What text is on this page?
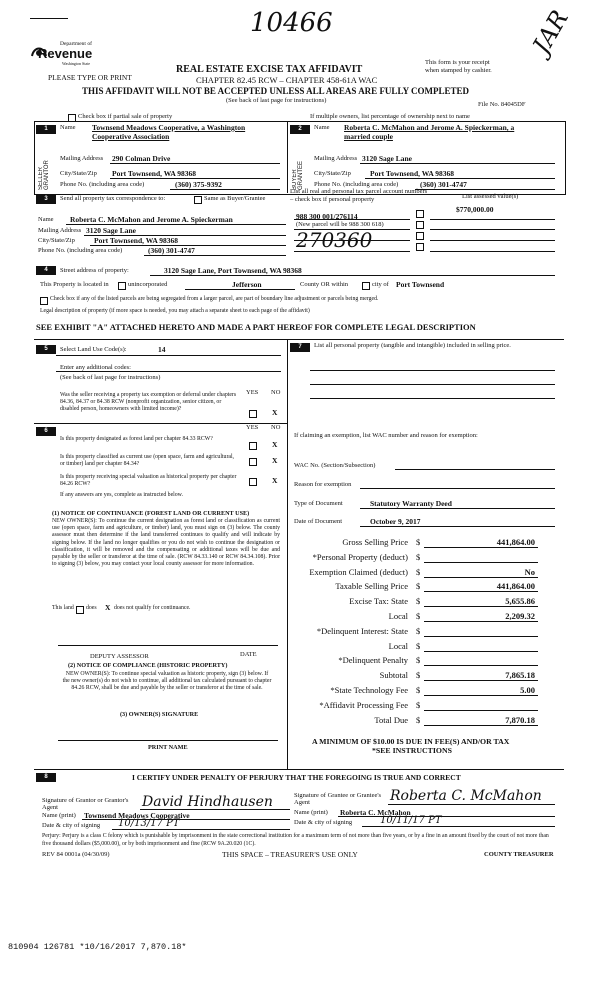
10466	JAR
Department of
Revenue
Washington State
PLEASE TYPE OR PRINT
REAL ESTATE EXCISE TAX AFFIDAVIT
CHAPTER 82.45 RCW – CHAPTER 458-61A WAC
THIS AFFIDAVIT WILL NOT BE ACCEPTED UNLESS ALL AREAS ARE FULLY COMPLETED
(See back of last page for instructions)
This form is your receipt when stamped by cashier.
File No. 84045DF
Check box if partial sale of property	If multiple owners, list percentage of ownership next to name
1
SELLER GRANTOR
Name Townsend Meadows Cooperative, a Washington Cooperative Association
Mailing Address 290 Colman Drive
City/State/Zip Port Townsend, WA 98368
Phone No. (including area code)	(360) 375-9392
2
BUYER GRANTEE
Name Roberta C. McMahon and Jerome A. Spieckerman, a married couple
Mailing Address 3120 Sage Lane
City/State/Zip	Port Townsend, WA 98368
Phone No. (including area code)	(360) 301-4747
3	Send all property tax correspondence to:	Same as Buyer/Grantee
Name Roberta C. McMahon and Jerome A. Spieckerman
Mailing Address 3120 Sage Lane
City/State/Zip	Port Townsend, WA 98368
Phone No. (including area code)	(360) 301-4747
List all real and personal tax parcel account numbers – check box if personal property	List assessed value(s)
988 300 001/276114
(New parcel will be 988 300 618)
$770,000.00
270360
4	Street address of property:	3120 Sage Lane, Port Townsend, WA 98368
This Property is located in	unincorporated	Jefferson	County OR within	city of Port Townsend
Check box if any of the listed parcels are being segregated from a larger parcel, are part of boundary line adjustment or parcels being merged.
Legal description of property (if more space is needed, you may attach a separate sheet to each page of the affidavit)
SEE EXHIBIT "A" ATTACHED HERETO AND MADE A PART HEREOF FOR COMPLETE LEGAL DESCRIPTION
5	Select Land Use Code(s):	14
Enter any additional codes:
(See back of last page for instructions)
YES NO
Was the seller receiving a property tax exemption or deferral under chapters 84.36, 84.37 or 84.38 RCW (nonprofit organization, senior citizen, or disabled person, homeowners with limited income)?	X
7	List all personal property (tangible and intangible) included in selling price.
6	YES NO
Is this property designated as forest land per chapter 84.33 RCW?
X
Is this property classified as current use (open space, farm and agricultural, or timber) land per chapter 84.34?	X
Is this property receiving special valuation as historical property per chapter 84.26 RCW?	X
If any answers are yes, complete as instructed below.
(1) NOTICE OF CONTINUANCE (FOREST LAND OR CURRENT USE)
NEW OWNER(S): To continue the current designation as forest land or classification as current use (open space, farm and agriculture, or timber) land, you must sign on (3) below. The county assessor must then determine if the land transferred continues to qualify and will indicate by signing below. If the land no longer qualifies or you do not wish to continue the designation or classification, it will be removed and the compensating or additional taxes will be due and payable by the seller or transferor at the time of sale. (RCW 84.33.140 or RCW 84.34.108). Prior to signing (3) below, you may contact your local county assessor for more information.
This land does X does not qualify for continuance.
DEPUTY ASSESSOR	DATE
(2) NOTICE OF COMPLIANCE (HISTORIC PROPERTY)
NEW OWNER(S): To continue special valuation as historic property, sign (3) below. If the new owner(s) do not wish to continue, all additional tax calculated pursuant to chapter 84.26 RCW, shall be due and payable by the seller or transferor at the time of sale.
(3) OWNER(S) SIGNATURE
PRINT NAME
If claiming an exemption, list WAC number and reason for exemption:
WAC No. (Section/Subsection)
Reason for exemption
Type of Document	Statutory Warranty Deed
Date of Document	October 9, 2017
Gross Selling Price $	441,864.00
*Personal Property (deduct) $
Exemption Claimed (deduct) $	No
Taxable Selling Price $	441,864.00
Excise Tax: State $	5,655.86
Local $	2,209.32
*Delinquent Interest: State $
Local $
*Delinquent Penalty $
Subtotal $	7,865.18
*State Technology Fee $	5.00
*Affidavit Processing Fee $
Total Due $	7,870.18
A MINIMUM OF $10.00 IS DUE IN FEE(S) AND/OR TAX
*SEE INSTRUCTIONS
8	I CERTIFY UNDER PENALTY OF PERJURY THAT THE FOREGOING IS TRUE AND CORRECT
Signature of Grantor or Grantor's Agent	David Hindhausen
Name (print) Townsend Meadows Cooperative
Date & city of signing 10/13/17 PT
Signature of Grantee or Grantee's Agent	Roberta C. McMahon
Name (print) Roberta C. McMahon
Date & city of signing	10/11/17 PT
Perjury: Perjury is a class C felony which is punishable by imprisonment in the state correctional institution for a maximum term of not more than five years, or by a fine in an amount fixed by the court of not more than five thousand dollars ($5,000.00), or by both imprisonment and fine (RCW 9A.20.020 (1C).
REV 84 0001a (04/30/09)	THIS SPACE – TREASURER'S USE ONLY	COUNTY TREASURER
810904 126781 *10/16/2017 7,870.18*
